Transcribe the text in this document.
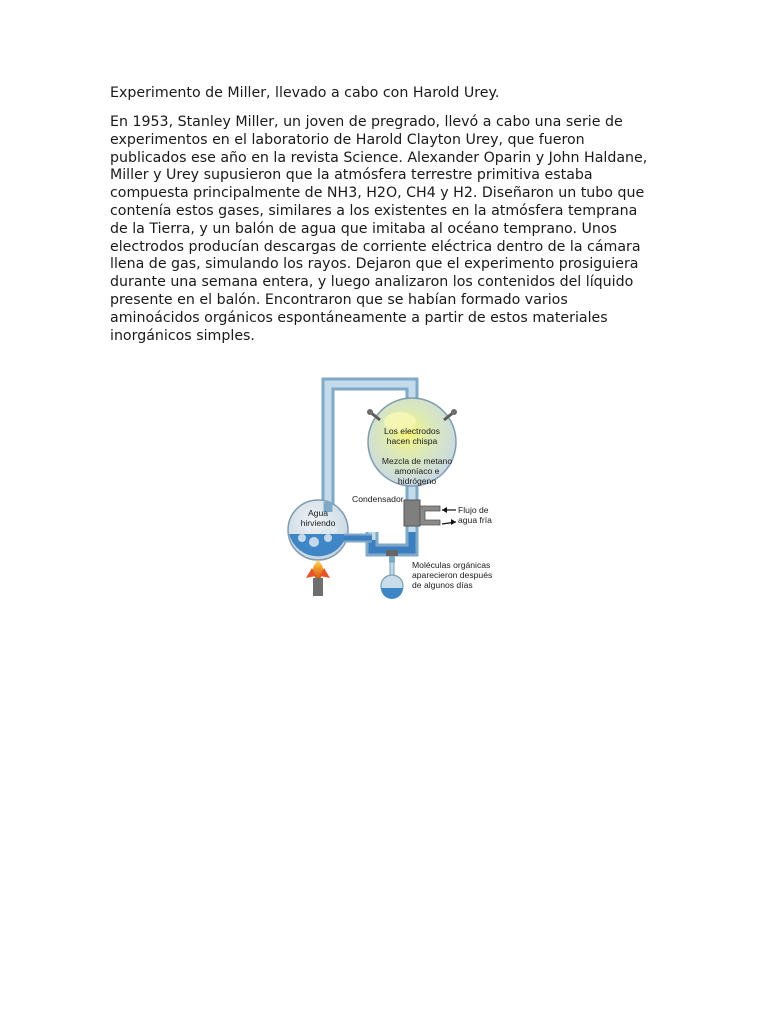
Experimento de Miller, llevado a cabo con Harold Urey.
En 1953, Stanley Miller, un joven de pregrado, llevó a cabo una serie de
experimentos en el laboratorio de Harold Clayton Urey, que fueron
publicados ese año en la revista Science. Alexander Oparin y John Haldane,
Miller y Urey supusieron que la atmósfera terrestre primitiva estaba
compuesta principalmente de NH3, H2O, CH4 y H2. Diseñaron un tubo que
contenía estos gases, similares a los existentes en la atmósfera temprana
de la Tierra, y un balón de agua que imitaba al océano temprano. Unos
electrodos producían descargas de corriente eléctrica dentro de la cámara
llena de gas, simulando los rayos. Dejaron que el experimento prosiguiera
durante una semana entera, y luego analizaron los contenidos del líquido
presente en el balón. Encontraron que se habían formado varios
aminoácidos orgánicos espontáneamente a partir de estos materiales
inorgánicos simples.
Los electrodos
hacen chispa
Mezcla de metano
amoníaco e
hidrógeno
Condensador
Flujo de
agua fría
Agua
hirviendo
Moléculas orgánicas
aparecieron después
de algunos días
